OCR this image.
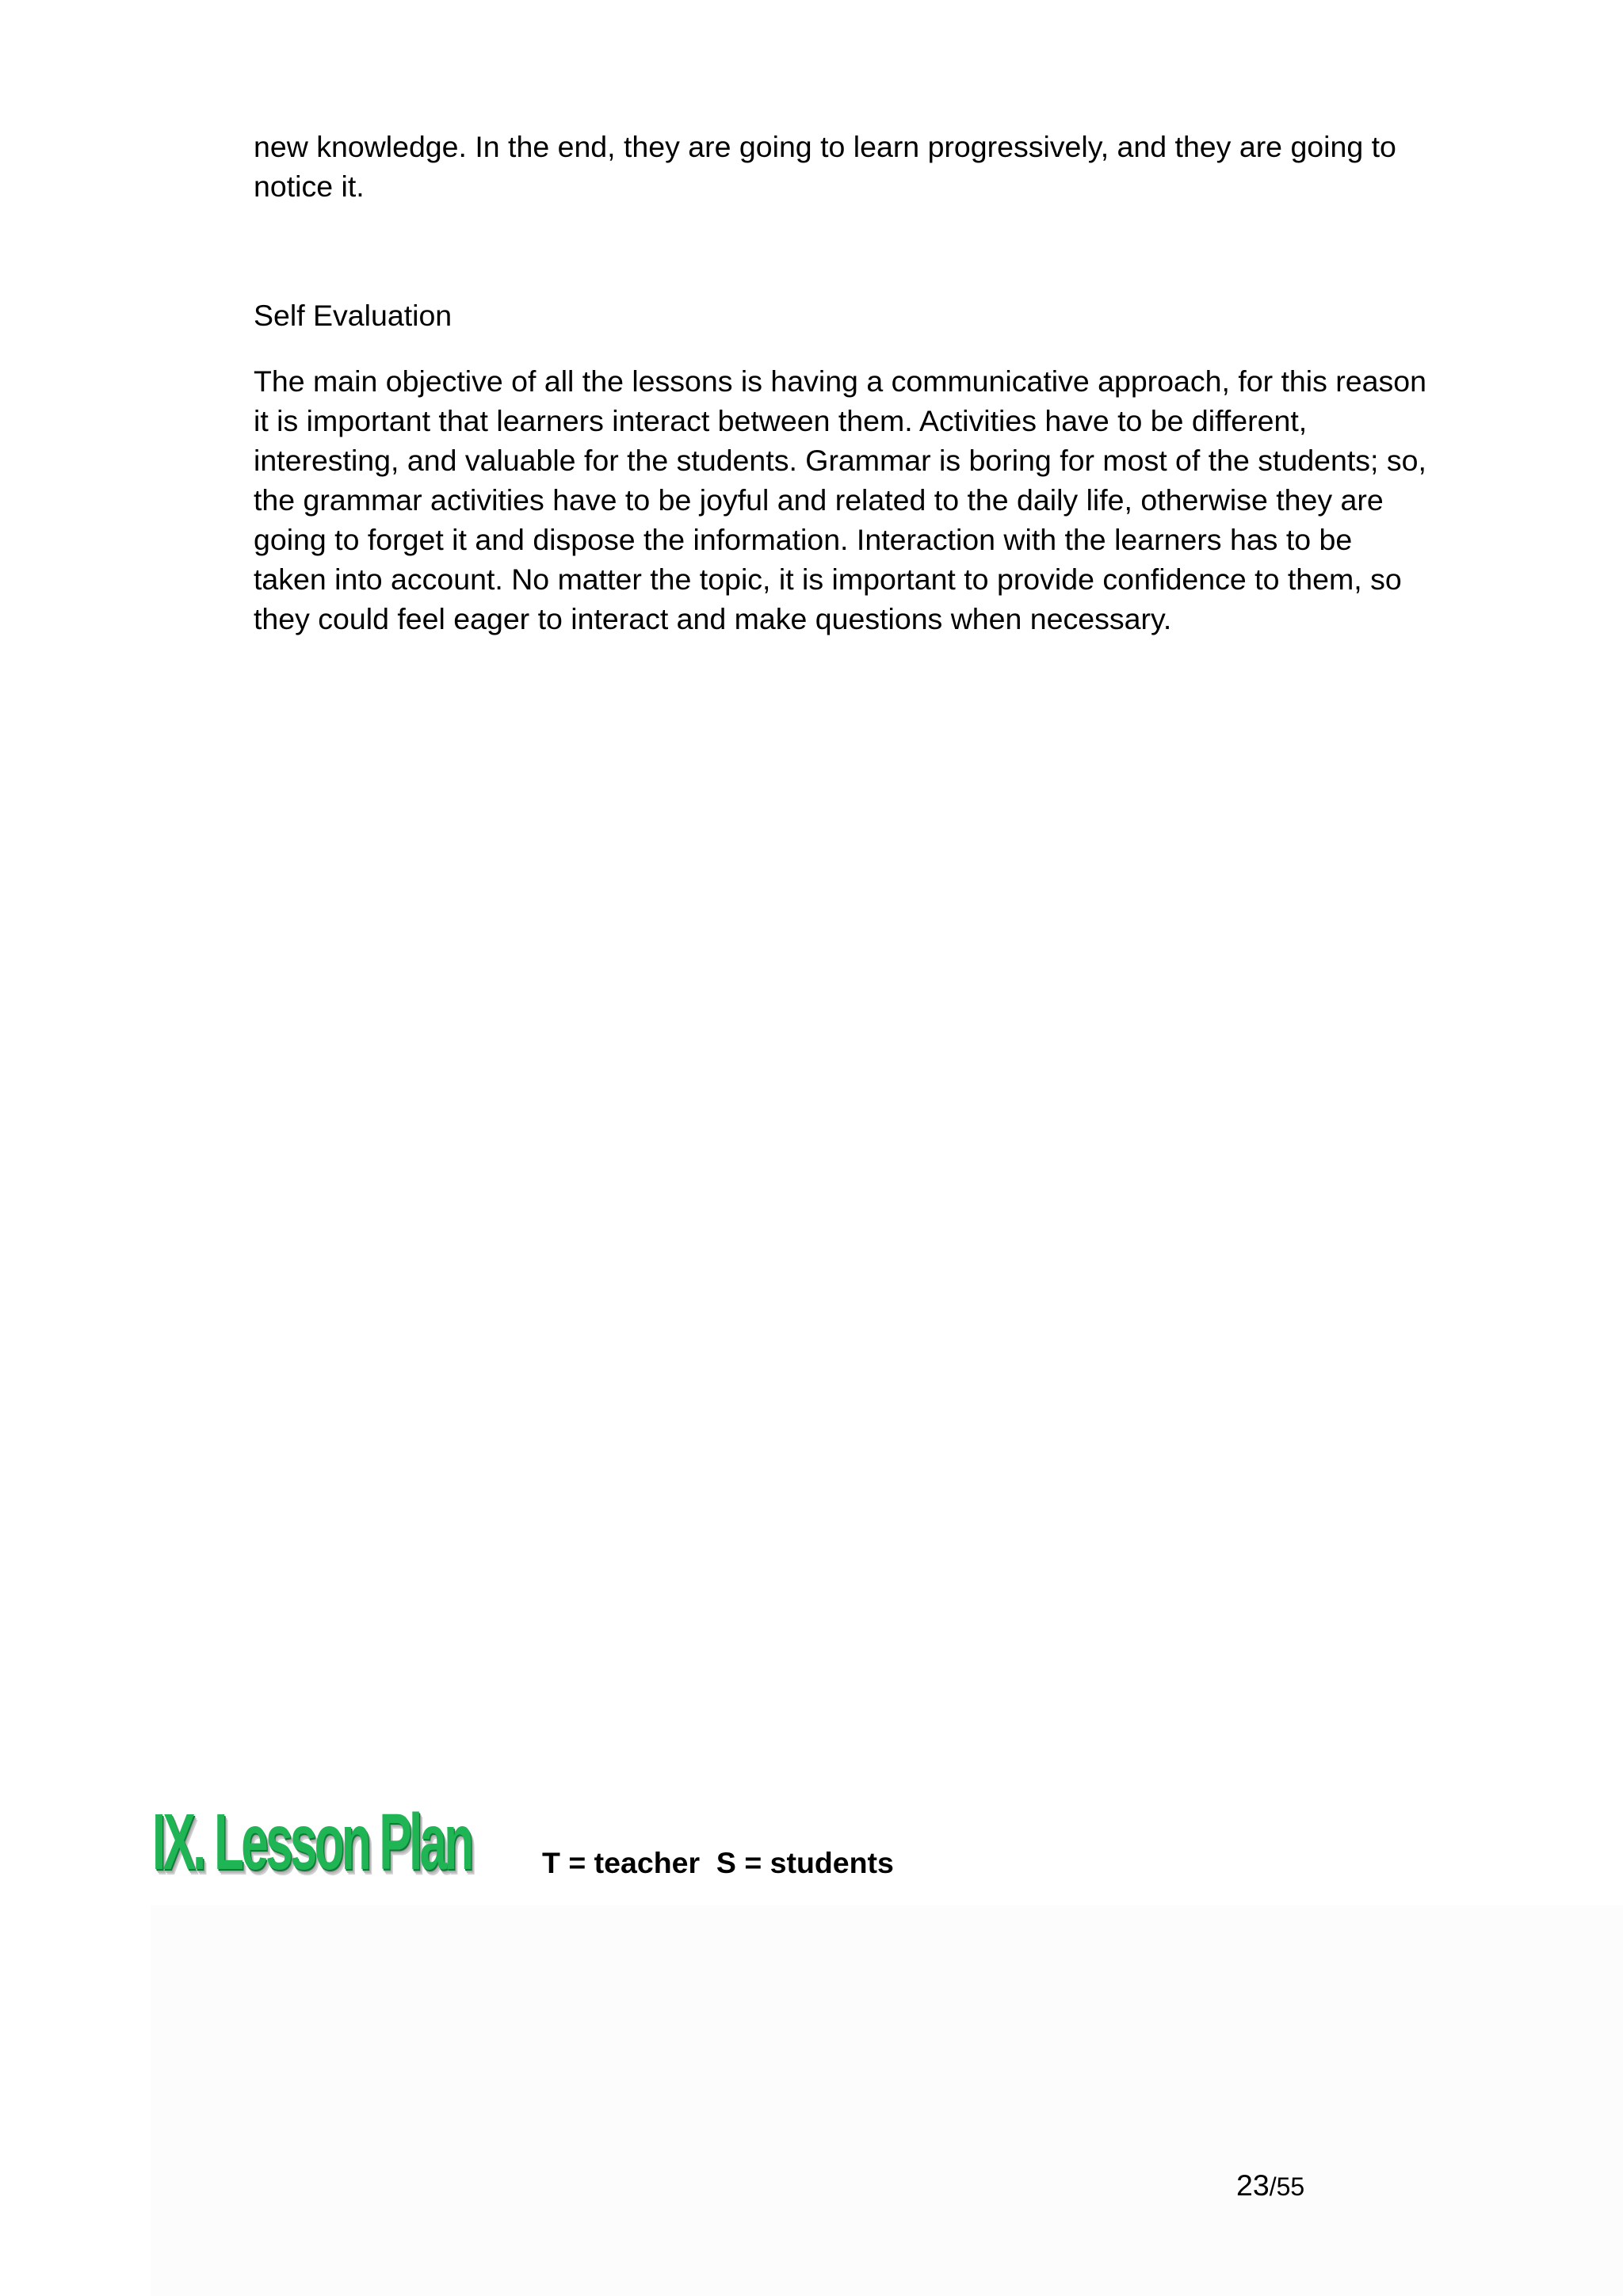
new knowledge. In the end, they are going to learn progressively, and they are going to notice it.

Self Evaluation

The main objective of all the lessons is having a communicative approach, for this reason it is important that learners interact between them. Activities have to be different, interesting, and valuable for the students. Grammar is boring for most of the students; so, the grammar activities have to be joyful and related to the daily life, otherwise they are going to forget it and dispose the information. Interaction with the learners has to be taken into account. No matter the topic, it is important to provide confidence to them, so they could feel eager to interact and make questions when necessary.

IX. Lesson Plan T = teacher  S = students

23/55
